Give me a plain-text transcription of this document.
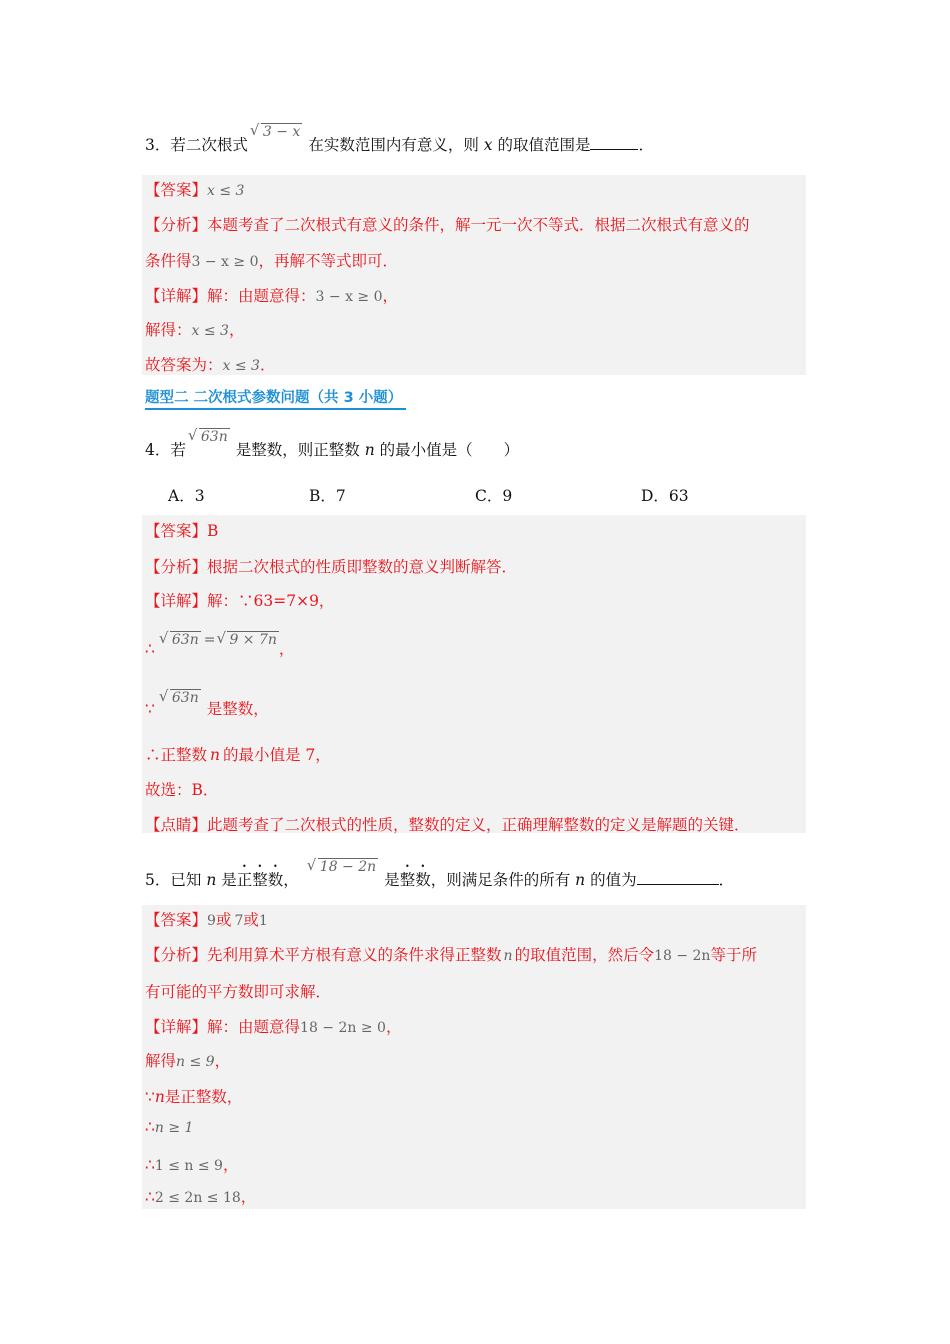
3．若二次根式√ 3 − x在实数范围内有意义，则 x 的取值范围是	．
【答案】x ≤ 3
【分析】本题考查了二次根式有意义的条件，解一元一次不等式．根据二次根式有意义的
条件得3 − x ≥ 0，再解不等式即可．
【详解】解：由题意得：3 − x ≥ 0，
解得：x ≤ 3，
故答案为：x ≤ 3．
题型二 二次根式参数问题（共 3 小题）
4．若√ 63n是整数，则正整数 n 的最小值是（　　）
A．3	B．7	C．9	D．63
【答案】B
【分析】根据二次根式的性质即整数的意义判断解答．
【详解】解：∵63=7×9，
∴ √ 63n = √ 9 × 7n ，
∵√ 63n是整数，
∴正整数 n 的最小值是 7，
故选：B．
【点睛】此题考查了二次根式的性质，整数的定义，正确理解整数的定义是解题的关键．
5．已知 n 是正整数，√ 18 − 2n是整数，则满足条件的所有 n 的值为	．
【答案】9或 7或1
【分析】先利用算术平方根有意义的条件求得正整数 n 的取值范围，然后令18 − 2n等于所
有可能的平方数即可求解．
【详解】解：由题意得18 − 2n ≥ 0，
解得n ≤ 9，
∵n是正整数，
∴n ≥ 1
∴1 ≤ n ≤ 9，
∴2 ≤ 2n ≤ 18，
